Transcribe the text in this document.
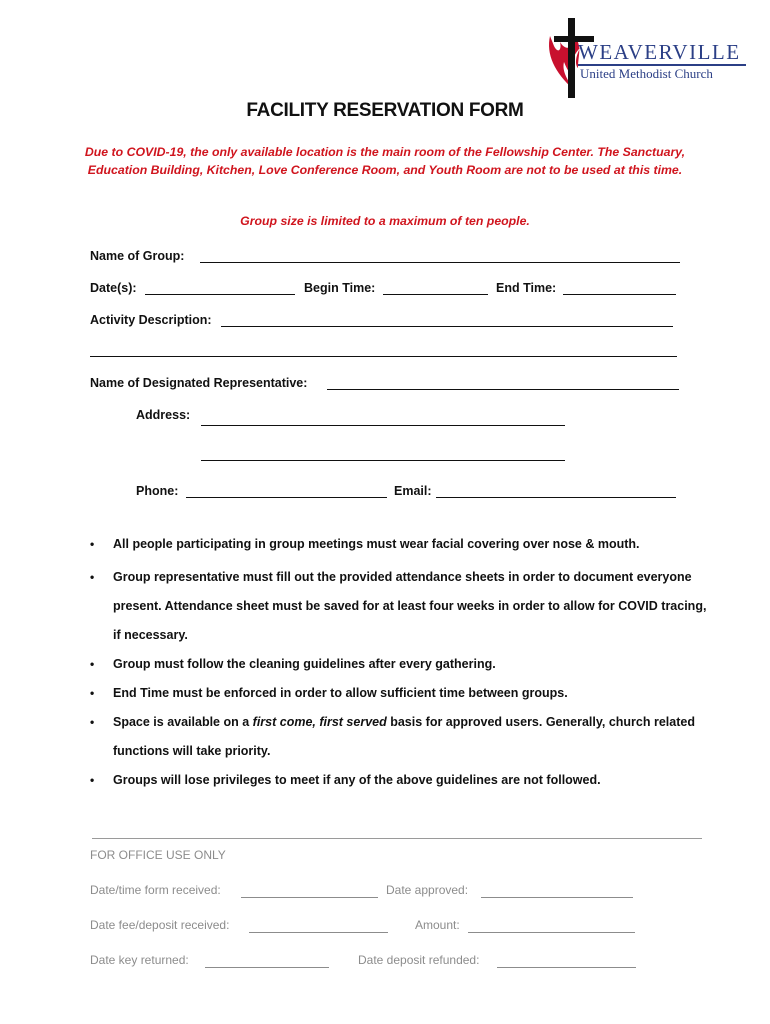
WEAVERVILLE
United Methodist Church
FACILITY RESERVATION FORM
Due to COVID-19, the only available location is the main room of the Fellowship Center. The Sanctuary, Education Building, Kitchen, Love Conference Room, and Youth Room are not to be used at this time.
Group size is limited to a maximum of ten people.
Name of Group:
Date(s):	Begin Time:	End Time:
Activity Description:
Name of Designated Representative:
Address:
Phone:	Email:
• All people participating in group meetings must wear facial covering over nose & mouth.
• Group representative must fill out the provided attendance sheets in order to document everyone present. Attendance sheet must be saved for at least four weeks in order to allow for COVID tracing, if necessary.
• Group must follow the cleaning guidelines after every gathering.
• End Time must be enforced in order to allow sufficient time between groups.
• Space is available on a first come, first served basis for approved users. Generally, church related functions will take priority.
• Groups will lose privileges to meet if any of the above guidelines are not followed.
FOR OFFICE USE ONLY
Date/time form received:	Date approved:
Date fee/deposit received:	Amount:
Date key returned:	Date deposit refunded:
